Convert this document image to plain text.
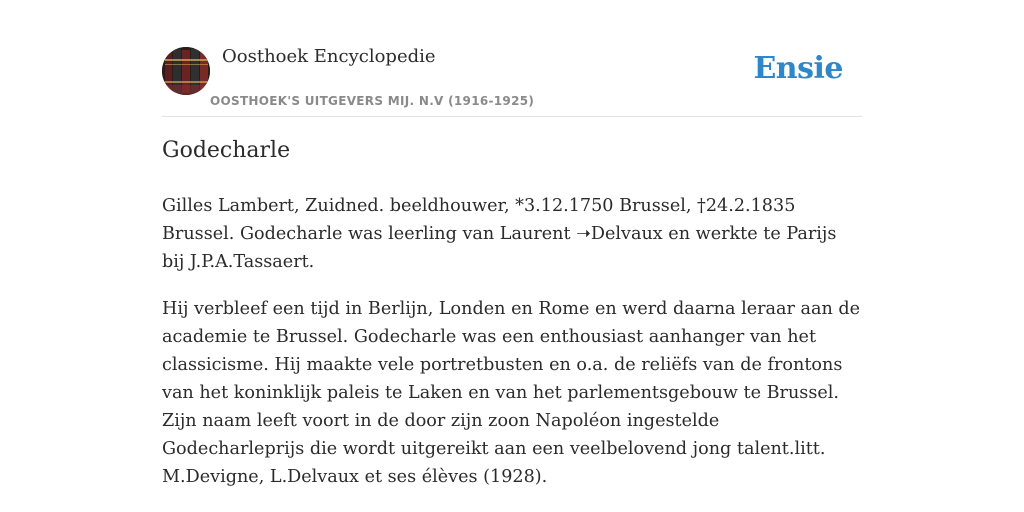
Oosthoek Encyclopedie
OOSTHOEK'S UITGEVERS MIJ. N.V (1916-1925)
Ensie
Godecharle

Gilles Lambert, Zuidned. beeldhouwer, *3.12.1750 Brussel, †24.2.1835 Brussel. Godecharle was leerling van Laurent ➝Delvaux en werkte te Parijs bij J.P.A.Tassaert.

Hij verbleef een tijd in Berlijn, Londen en Rome en werd daarna leraar aan de academie te Brussel. Godecharle was een enthousiast aanhanger van het classicisme. Hij maakte vele portretbusten en o.a. de reliëfs van de frontons van het koninklijk paleis te Laken en van het parlementsgebouw te Brussel. Zijn naam leeft voort in de door zijn zoon Napoléon ingestelde Godecharleprijs die wordt uitgereikt aan een veelbelovend jong talent.litt. M.Devigne, L.Delvaux et ses élèves (1928).
